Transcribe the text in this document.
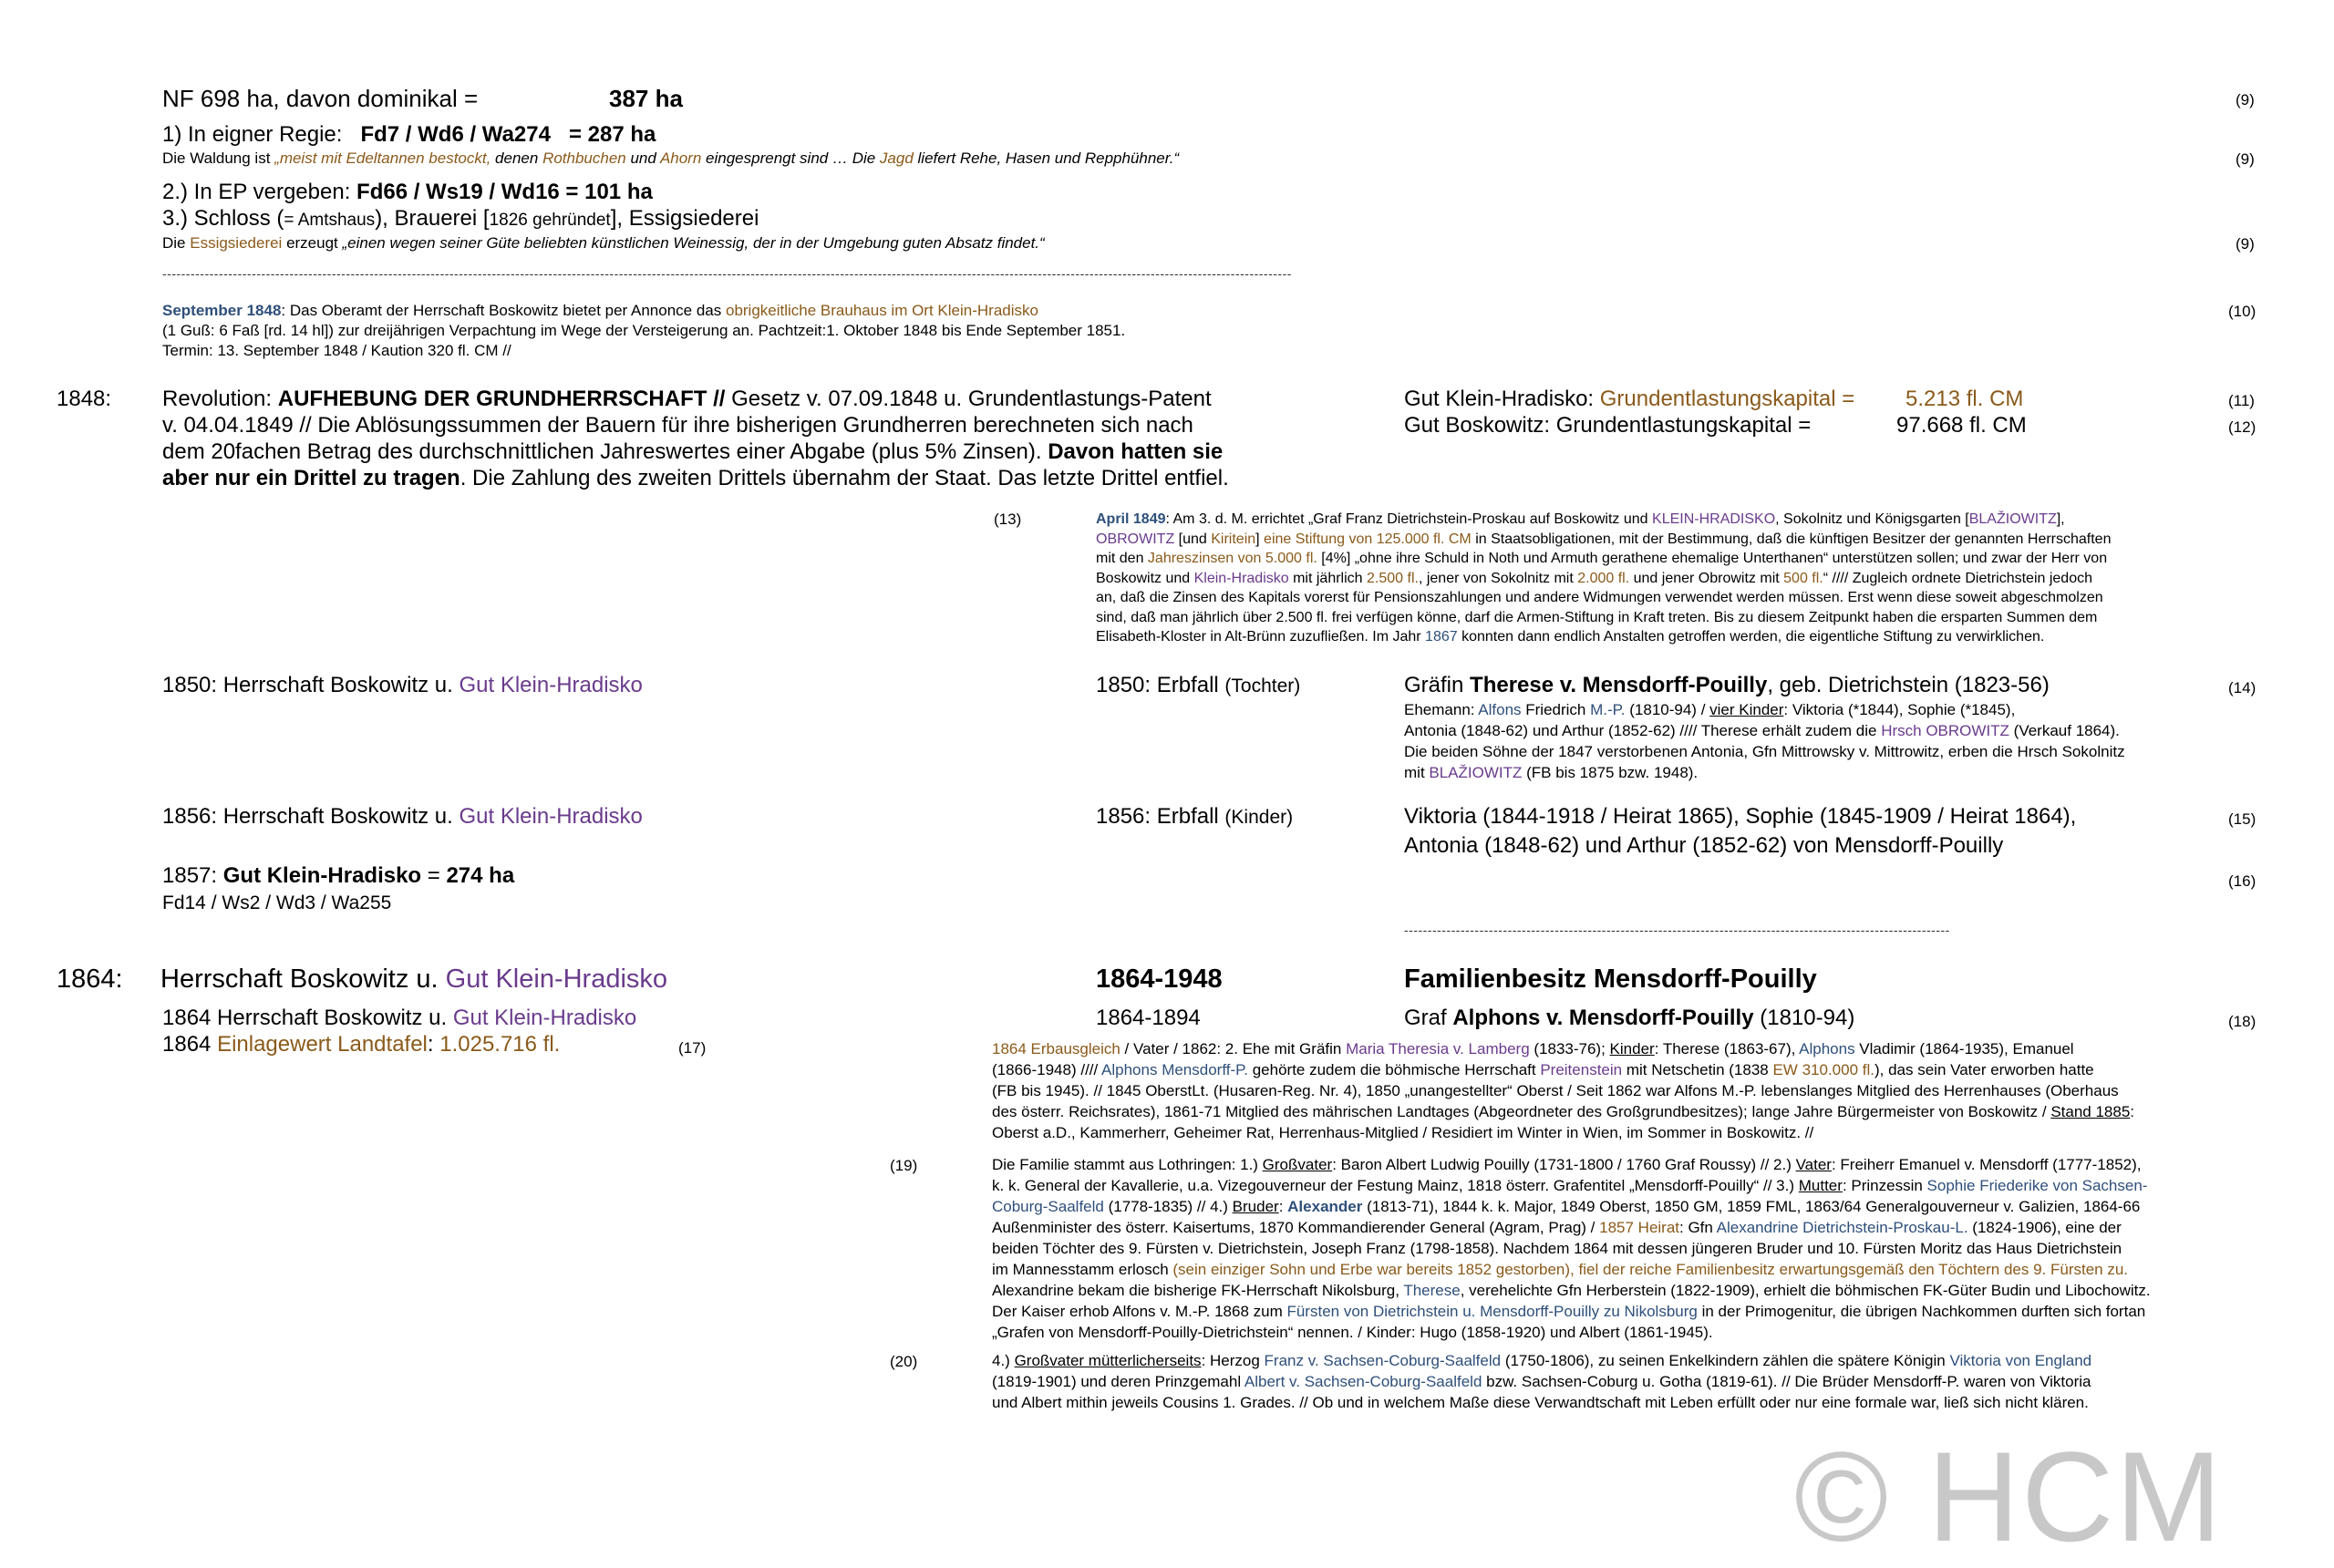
NF 698 ha, davon dominikal =	387 ha	(9)
1) In eigner Regie: Fd7 / Wd6 / Wa274 = 287 ha
Die Waldung ist „meist mit Edeltannen bestockt, denen Rothbuchen und Ahorn eingesprengt sind … Die Jagd liefert Rehe, Hasen und Repphühner.“	(9)
2.) In EP vergeben: Fd66 / Ws19 / Wd16 = 101 ha
3.) Schloss (= Amtshaus), Brauerei [1826 gehründet], Essigsiederei
Die Essigsiederei erzeugt „einen wegen seiner Güte beliebten künstlichen Weinessig, der in der Umgebung guten Absatz findet.“	(9)
------------------------------------------------------------------------------------------------------------------------------------------------------------------------------------------------------------------------------------------------
September 1848: Das Oberamt der Herrschaft Boskowitz bietet per Annonce das obrigkeitliche Brauhaus im Ort Klein-Hradisko
(1 Guß: 6 Faß [rd. 14 hl]) zur dreijährigen Verpachtung im Wege der Versteigerung an. Pachtzeit:1. Oktober 1848 bis Ende September 1851.
Termin: 13. September 1848 / Kaution 320 fl. CM //
(10)
1848: Revolution: AUFHEBUNG DER GRUNDHERRSCHAFT // Gesetz v. 07.09.1848 u. Grundentlastungs-Patent
v. 04.04.1849 // Die Ablösungssummen der Bauern für ihre bisherigen Grundherren berechneten sich nach
dem 20fachen Betrag des durchschnittlichen Jahreswertes einer Abgabe (plus 5% Zinsen). Davon hatten sie
aber nur ein Drittel zu tragen. Die Zahlung des zweiten Drittels übernahm der Staat. Das letzte Drittel entfiel.
Gut Klein-Hradisko: Grundentlastungskapital = 5.213 fl. CM	(11)
Gut Boskowitz: Grundentlastungskapital =	97.668 fl. CM	(12)
(13)	April 1849: Am 3. d. M. errichtet „Graf Franz Dietrichstein-Proskau auf Boskowitz und KLEIN-HRADISKO, Sokolnitz und Königsgarten [BLAŽIOWITZ],
OBROWITZ [und Kiritein] eine Stiftung von 125.000 fl. CM in Staatsobligationen, mit der Bestimmung, daß die künftigen Besitzer der genannten Herrschaften
mit den Jahreszinsen von 5.000 fl. [4%] „ohne ihre Schuld in Noth und Armuth gerathene ehemalige Unterthanen“ unterstützen sollen; und zwar der Herr von
Boskowitz und Klein-Hradisko mit jährlich 2.500 fl., jener von Sokolnitz mit 2.000 fl. und jener Obrowitz mit 500 fl.“ //// Zugleich ordnete Dietrichstein jedoch
an, daß die Zinsen des Kapitals vorerst für Pensionszahlungen und andere Widmungen verwendet werden müssen. Erst wenn diese soweit abgeschmolzen
sind, daß man jährlich über 2.500 fl. frei verfügen könne, darf die Armen-Stiftung in Kraft treten. Bis zu diesem Zeitpunkt haben die ersparten Summen dem
Elisabeth-Kloster in Alt-Brünn zuzufließen. Im Jahr 1867 konnten dann endlich Anstalten getroffen werden, die eigentliche Stiftung zu verwirklichen.
1850: Herrschaft Boskowitz u. Gut Klein-Hradisko	1850: Erbfall (Tochter)	Gräfin Therese v. Mensdorff-Pouilly, geb. Dietrichstein (1823-56)	(14)
Ehemann: Alfons Friedrich M.-P. (1810-94) / vier Kinder: Viktoria (*1844), Sophie (*1845),
Antonia (1848-62) und Arthur (1852-62) //// Therese erhält zudem die Hrsch OBROWITZ (Verkauf 1864).
Die beiden Söhne der 1847 verstorbenen Antonia, Gfn Mittrowsky v. Mittrowitz, erben die Hrsch Sokolnitz
mit BLAŽIOWITZ (FB bis 1875 bzw. 1948).
1856: Herrschaft Boskowitz u. Gut Klein-Hradisko	1856: Erbfall (Kinder)	Viktoria (1844-1918 / Heirat 1865), Sophie (1845-1909 / Heirat 1864),
Antonia (1848-62) und Arthur (1852-62) von Mensdorff-Pouilly
(15)
1857: Gut Klein-Hradisko = 274 ha
Fd14 / Ws2 / Wd3 / Wa255
(16)
--------------------------------------------------------------------------------------------------------------------
1864: Herrschaft Boskowitz u. Gut Klein-Hradisko	1864-1948	Familienbesitz Mensdorff-Pouilly
1864 Herrschaft Boskowitz u. Gut Klein-Hradisko
1864 Einlagewert Landtafel: 1.025.716 fl.	(17)
1864-1894	Graf Alphons v. Mensdorff-Pouilly (1810-94)	(18)
1864 Erbausgleich / Vater / 1862: 2. Ehe mit Gräfin Maria Theresia v. Lamberg (1833-76); Kinder: Therese (1863-67), Alphons Vladimir (1864-1935), Emanuel
(1866-1948) //// Alphons Mensdorff-P. gehörte zudem die böhmische Herrschaft Preitenstein mit Netschetin (1838 EW 310.000 fl.), das sein Vater erworben hatte
(FB bis 1945). // 1845 OberstLt. (Husaren-Reg. Nr. 4), 1850 „unangestellter“ Oberst / Seit 1862 war Alfons M.-P. lebenslanges Mitglied des Herrenhauses (Oberhaus
des österr. Reichsrates), 1861-71 Mitglied des mährischen Landtages (Abgeordneter des Großgrundbesitzes); lange Jahre Bürgermeister von Boskowitz / Stand 1885:
Oberst a.D., Kammerherr, Geheimer Rat, Herrenhaus-Mitglied / Residiert im Winter in Wien, im Sommer in Boskowitz. //
(19)	Die Familie stammt aus Lothringen: 1.) Großvater: Baron Albert Ludwig Pouilly (1731-1800 / 1760 Graf Roussy) // 2.) Vater: Freiherr Emanuel v. Mensdorff (1777-1852),
k. k. General der Kavallerie, u.a. Vizegouverneur der Festung Mainz, 1818 österr. Grafentitel „Mensdorff-Pouilly“ // 3.) Mutter: Prinzessin Sophie Friederike von Sachsen-
Coburg-Saalfeld (1778-1835) // 4.) Bruder: Alexander (1813-71), 1844 k. k. Major, 1849 Oberst, 1850 GM, 1859 FML, 1863/64 Generalgouverneur v. Galizien, 1864-66
Außenminister des österr. Kaisertums, 1870 Kommandierender General (Agram, Prag) / 1857 Heirat: Gfn Alexandrine Dietrichstein-Proskau-L. (1824-1906), eine der
beiden Töchter des 9. Fürsten v. Dietrichstein, Joseph Franz (1798-1858). Nachdem 1864 mit dessen jüngeren Bruder und 10. Fürsten Moritz das Haus Dietrichstein
im Mannesstamm erlosch (sein einziger Sohn und Erbe war bereits 1852 gestorben), fiel der reiche Familienbesitz erwartungsgemäß den Töchtern des 9. Fürsten zu.
Alexandrine bekam die bisherige FK-Herrschaft Nikolsburg, Therese, verehelichte Gfn Herberstein (1822-1909), erhielt die böhmischen FK-Güter Budin und Libochowitz.
Der Kaiser erhob Alfons v. M.-P. 1868 zum Fürsten von Dietrichstein u. Mensdorff-Pouilly zu Nikolsburg in der Primogenitur, die übrigen Nachkommen durften sich fortan
„Grafen von Mensdorff-Pouilly-Dietrichstein“ nennen. / Kinder: Hugo (1858-1920) und Albert (1861-1945).
(20)	4.) Großvater mütterlicherseits: Herzog Franz v. Sachsen-Coburg-Saalfeld (1750-1806), zu seinen Enkelkindern zählen die spätere Königin Viktoria von England
(1819-1901) und deren Prinzgemahl Albert v. Sachsen-Coburg-Saalfeld bzw. Sachsen-Coburg u. Gotha (1819-61). // Die Brüder Mensdorff-P. waren von Viktoria
und Albert mithin jeweils Cousins 1. Grades. // Ob und in welchem Maße diese Verwandtschaft mit Leben erfüllt oder nur eine formale war, ließ sich nicht klären.
© HCM
